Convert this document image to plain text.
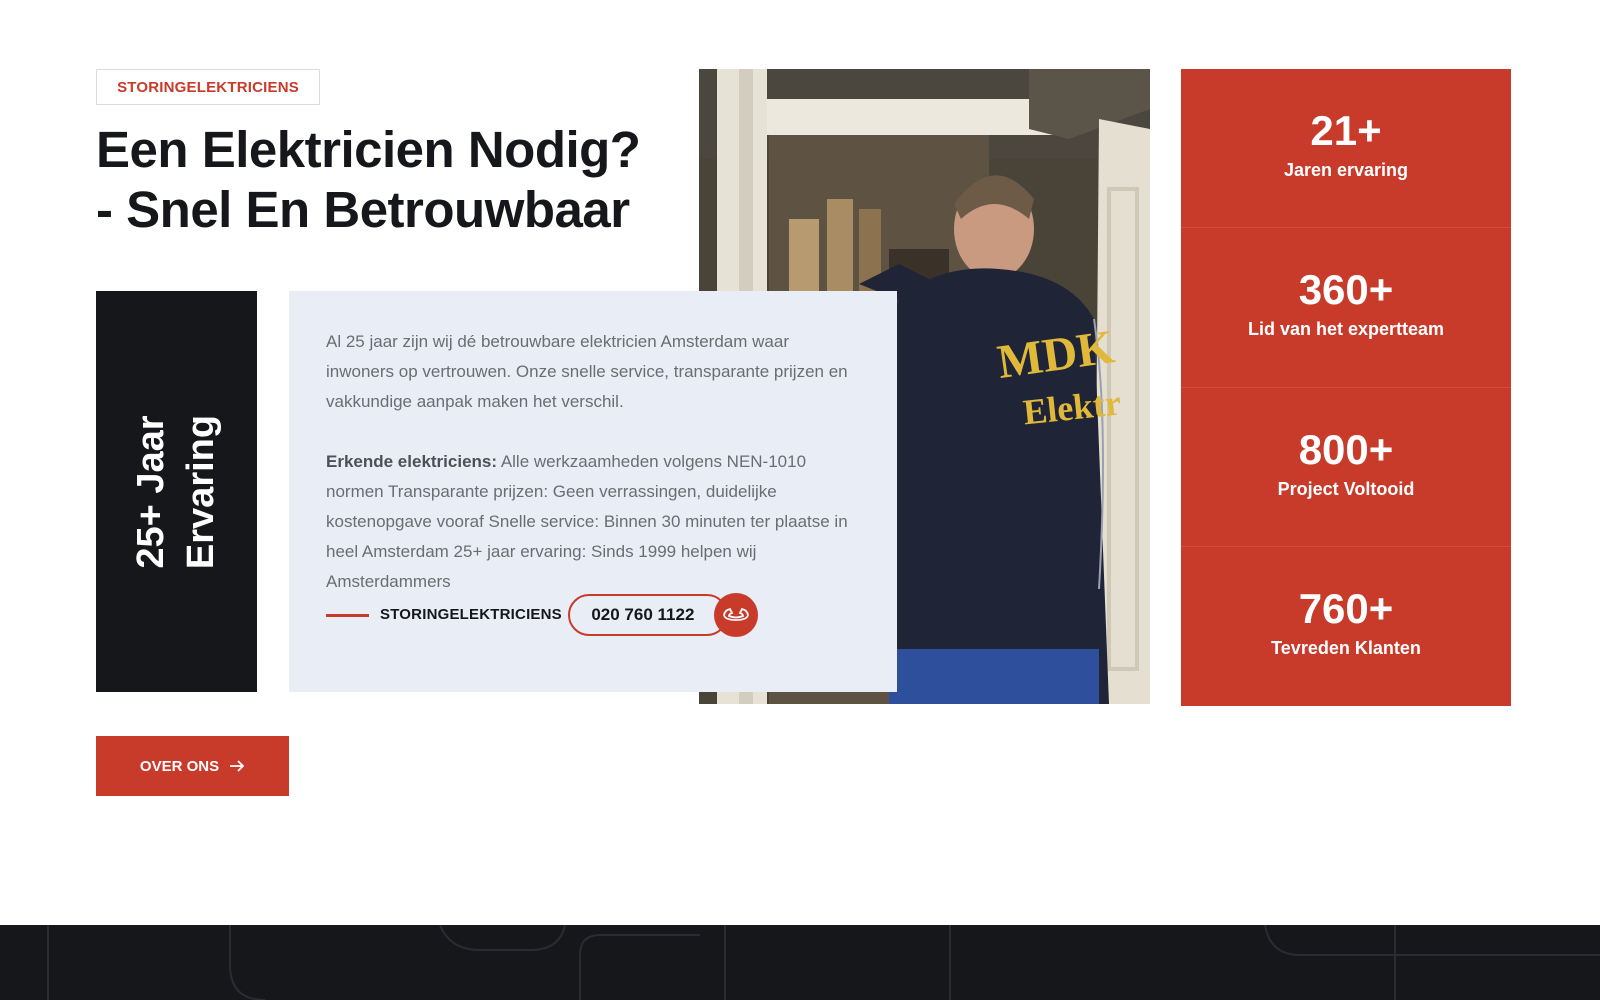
STORINGELEKTRICIENS
Een Elektricien Nodig?
- Snel En Betrouwbaar
MDK
Elektr
25+ Jaar Ervaring

Al 25 jaar zijn wij dé betrouwbare elektricien Amsterdam waar inwoners op vertrouwen. Onze snelle service, transparante prijzen en vakkundige aanpak maken het verschil.

Erkende elektriciens: Alle werkzaamheden volgens NEN-1010 normen Transparante prijzen: Geen verrassingen, duidelijke kostenopgave vooraf Snelle service: Binnen 30 minuten ter plaatse in heel Amsterdam 25+ jaar ervaring: Sinds 1999 helpen wij Amsterdammers

STORINGELEKTRICIENS	020 760 1122
21+
Jaren ervaring
360+
Lid van het expertteam
800+
Project Voltooid
760+
Tevreden Klanten
OVER ONS
